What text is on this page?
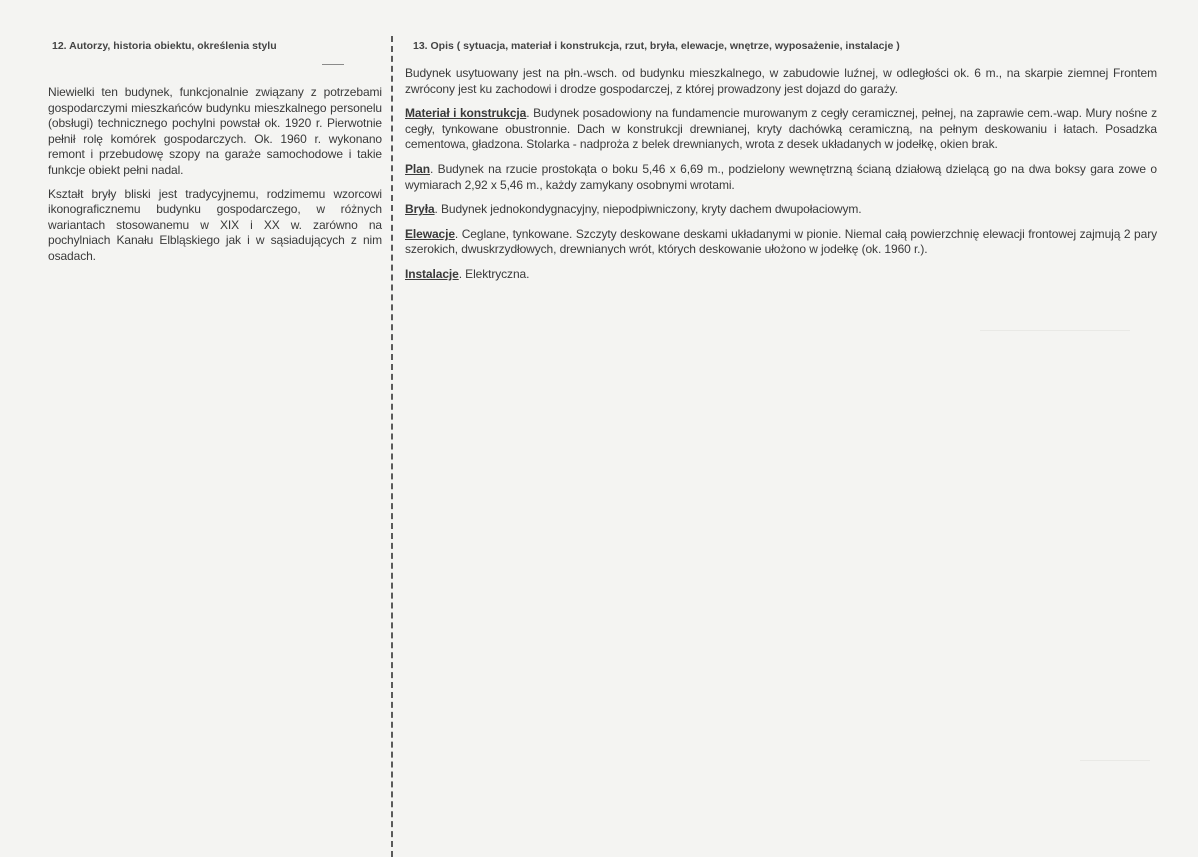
12. Autorzy, historia obiektu, określenia stylu

Niewielki ten budynek, funkcjonalnie związany z potrzebami gospodarczymi mieszkańców budynku mieszkalnego personelu (obsługi) technicznego pochylni powstał ok. 1920 r. Pierwotnie pełnił rolę komórek gospodarczych. Ok. 1960 r. wykonano remont i przebudowę szopy na garaże samochodowe i takie funkcje obiekt pełni nadal.

Kształt bryły bliski jest tradycyjnemu, rodzimemu wzorcowi ikonograficznemu budynku gospodarczego, w różnych wariantach stosowanemu w XIX i XX w. zarówno na pochylniach Kanału Elbląskiego jak i w sąsiadujących z nim osadach.

13. Opis ( sytuacja, materiał i konstrukcja, rzut, bryła, elewacje, wnętrze, wyposażenie, instalacje )

Budynek usytuowany jest na płn.-wsch. od budynku mieszkalnego, w zabudowie luźnej, w odległości ok. 6 m., na skarpie ziemnej Frontem zwrócony jest ku zachodowi i drodze gospodarczej, z której prowadzony jest dojazd do garaży.

Materiał i konstrukcja. Budynek posadowiony na fundamencie murowanym z cegły ceramicznej, pełnej, na zaprawie cem.-wap. Mury nośne z cegły, tynkowane obustronnie. Dach w konstrukcji drewnianej, kryty dachówką ceramiczną, na pełnym deskowaniu i łatach. Posadzka cementowa, gładzona. Stolarka - nadproża z belek drewnianych, wrota z desek układanych w jodełkę, okien brak.

Plan. Budynek na rzucie prostokąta o boku 5,46 x 6,69 m., podzielony wewnętrzną ścianą działową dzielącą go na dwa boksy gara zowe o wymiarach 2,92 x 5,46 m., każdy zamykany osobnymi wrotami.

Bryła. Budynek jednokondygnacyjny, niepodpiwniczony, kryty dachem dwupołaciowym.

Elewacje. Ceglane, tynkowane. Szczyty deskowane deskami układanymi w pionie. Niemal całą powierzchnię elewacji frontowej zajmują 2 pary szerokich, dwuskrzydłowych, drewnianych wrót, których deskowanie ułożono w jodełkę (ok. 1960 r.).

Instalacje. Elektryczna.
